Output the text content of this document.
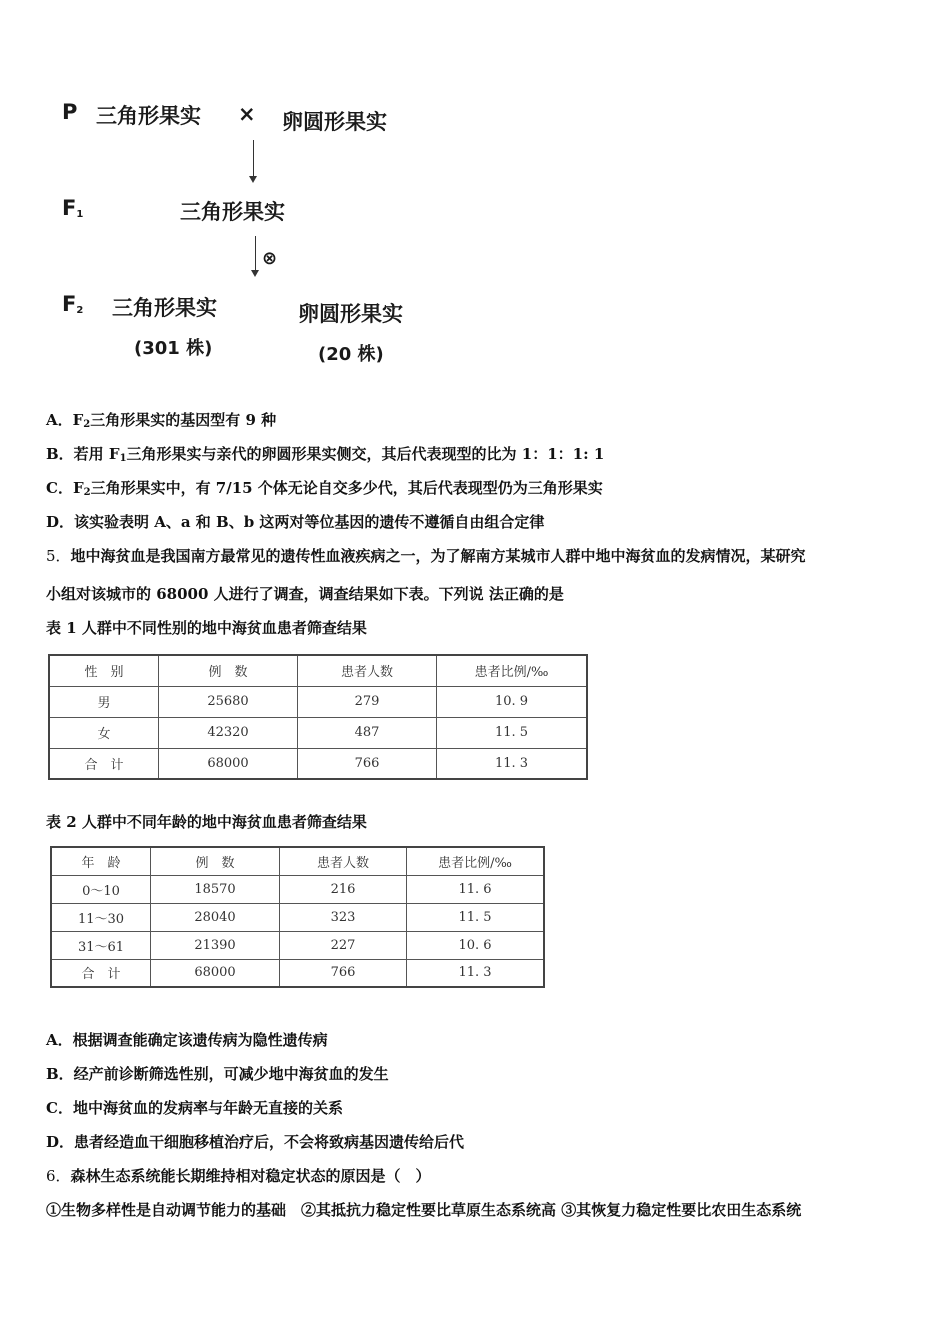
P 三角形果实 × 卵圆形果实
$F_1$	三角形果实
⊗
$F_2$ 三角形果实	卵圆形果实
(301 株)	(20 株)
A．$F_2$三角形果实的基因型有 9 种
B．若用 $F_1$三角形果实与亲代的卵圆形果实侧交，其后代表现型的比为 1：1：1: 1
C．$F_2$三角形果实中，有 7/15 个体无论自交多少代，其后代表现型仍为三角形果实
D．该实验表明 A、a 和 B、b 这两对等位基因的遗传不遵循自由组合定律
5．地中海贫血是我国南方最常见的遗传性血液疾病之一，为了解南方某城市人群中地中海贫血的发病情况，某研究
小组对该城市的 68000 人进行了调查，调查结果如下表。下列说 法正确的是
表 1 人群中不同性别的地中海贫血患者筛查结果
性　别	例　数	患者人数	患者比例/‰
男	25680	279	10. 9
女	42320	487	11. 5
合　计	68000	766	11. 3
表 2 人群中不同年龄的地中海贫血患者筛查结果
年　龄	例　数	患者人数	患者比例/‰
0～10	18570	216	11. 6
11～30	28040	323	11. 5
31～61	21390	227	10. 6
合　计	68000	766	11. 3
A．根据调查能确定该遗传病为隐性遗传病
B．经产前诊断筛选性别，可减少地中海贫血的发生
C．地中海贫血的发病率与年龄无直接的关系
D．患者经造血干细胞移植治疗后，不会将致病基因遗传给后代
6．森林生态系统能长期维持相对稳定状态的原因是（　）
①生物多样性是自动调节能力的基础　②其抵抗力稳定性要比草原生态系统高 ③其恢复力稳定性要比农田生态系统
